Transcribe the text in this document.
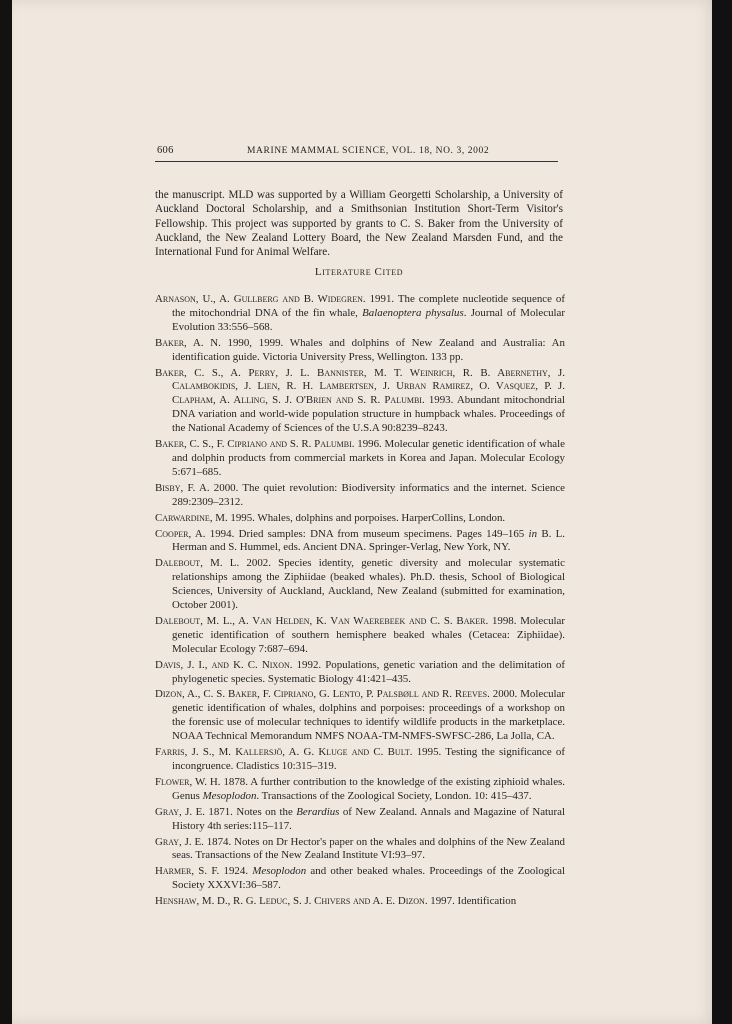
606	MARINE MAMMAL SCIENCE, VOL. 18, NO. 3, 2002

the manuscript. MLD was supported by a William Georgetti Scholarship, a University of Auckland Doctoral Scholarship, and a Smithsonian Institution Short-Term Visitor's Fellowship. This project was supported by grants to C. S. Baker from the University of Auckland, the New Zealand Lottery Board, the New Zealand Marsden Fund, and the International Fund for Animal Welfare.

Literature Cited

Arnason, U., A. Gullberg and B. Widegren. 1991. The complete nucleotide sequence of the mitochondrial DNA of the fin whale, Balaenoptera physalus. Journal of Molecular Evolution 33:556–568.

Baker, A. N. 1990, 1999. Whales and dolphins of New Zealand and Australia: An identification guide. Victoria University Press, Wellington. 133 pp.

Baker, C. S., A. Perry, J. L. Bannister, M. T. Weinrich, R. B. Abernethy, J. Calambokidis, J. Lien, R. H. Lambertsen, J. Urban Ramirez, O. Vasquez, P. J. Clapham, A. Alling, S. J. O'Brien and S. R. Palumbi. 1993. Abundant mitochondrial DNA variation and world-wide population structure in humpback whales. Proceedings of the National Academy of Sciences of the U.S.A 90:8239–8243.

Baker, C. S., F. Cipriano and S. R. Palumbi. 1996. Molecular genetic identification of whale and dolphin products from commercial markets in Korea and Japan. Molecular Ecology 5:671–685.

Bisby, F. A. 2000. The quiet revolution: Biodiversity informatics and the internet. Science 289:2309–2312.

Carwardine, M. 1995. Whales, dolphins and porpoises. HarperCollins, London.

Cooper, A. 1994. Dried samples: DNA from museum specimens. Pages 149–165 in B. L. Herman and S. Hummel, eds. Ancient DNA. Springer-Verlag, New York, NY.

Dalebout, M. L. 2002. Species identity, genetic diversity and molecular systematic relationships among the Ziphiidae (beaked whales). Ph.D. thesis, School of Biological Sciences, University of Auckland, Auckland, New Zealand (submitted for examination, October 2001).

Dalebout, M. L., A. Van Helden, K. Van Waerebeek and C. S. Baker. 1998. Molecular genetic identification of southern hemisphere beaked whales (Cetacea: Ziphiidae). Molecular Ecology 7:687–694.

Davis, J. I., and K. C. Nixon. 1992. Populations, genetic variation and the delimitation of phylogenetic species. Systematic Biology 41:421–435.

Dizon, A., C. S. Baker, F. Cipriano, G. Lento, P. Palsbøll and R. Reeves. 2000. Molecular genetic identification of whales, dolphins and porpoises: proceedings of a workshop on the forensic use of molecular techniques to identify wildlife products in the marketplace. NOAA Technical Memorandum NMFS NOAA-TM-NMFS-SWFSC-286, La Jolla, CA.

Farris, J. S., M. Kallersjö, A. G. Kluge and C. Bult. 1995. Testing the significance of incongruence. Cladistics 10:315–319.

Flower, W. H. 1878. A further contribution to the knowledge of the existing ziphioid whales. Genus Mesoplodon. Transactions of the Zoological Society, London. 10: 415–437.

Gray, J. E. 1871. Notes on the Berardius of New Zealand. Annals and Magazine of Natural History 4th series:115–117.

Gray, J. E. 1874. Notes on Dr Hector's paper on the whales and dolphins of the New Zealand seas. Transactions of the New Zealand Institute VI:93–97.

Harmer, S. F. 1924. Mesoplodon and other beaked whales. Proceedings of the Zoological Society XXXVI:36–587.

Henshaw, M. D., R. G. Leduc, S. J. Chivers and A. E. Dizon. 1997. Identification
